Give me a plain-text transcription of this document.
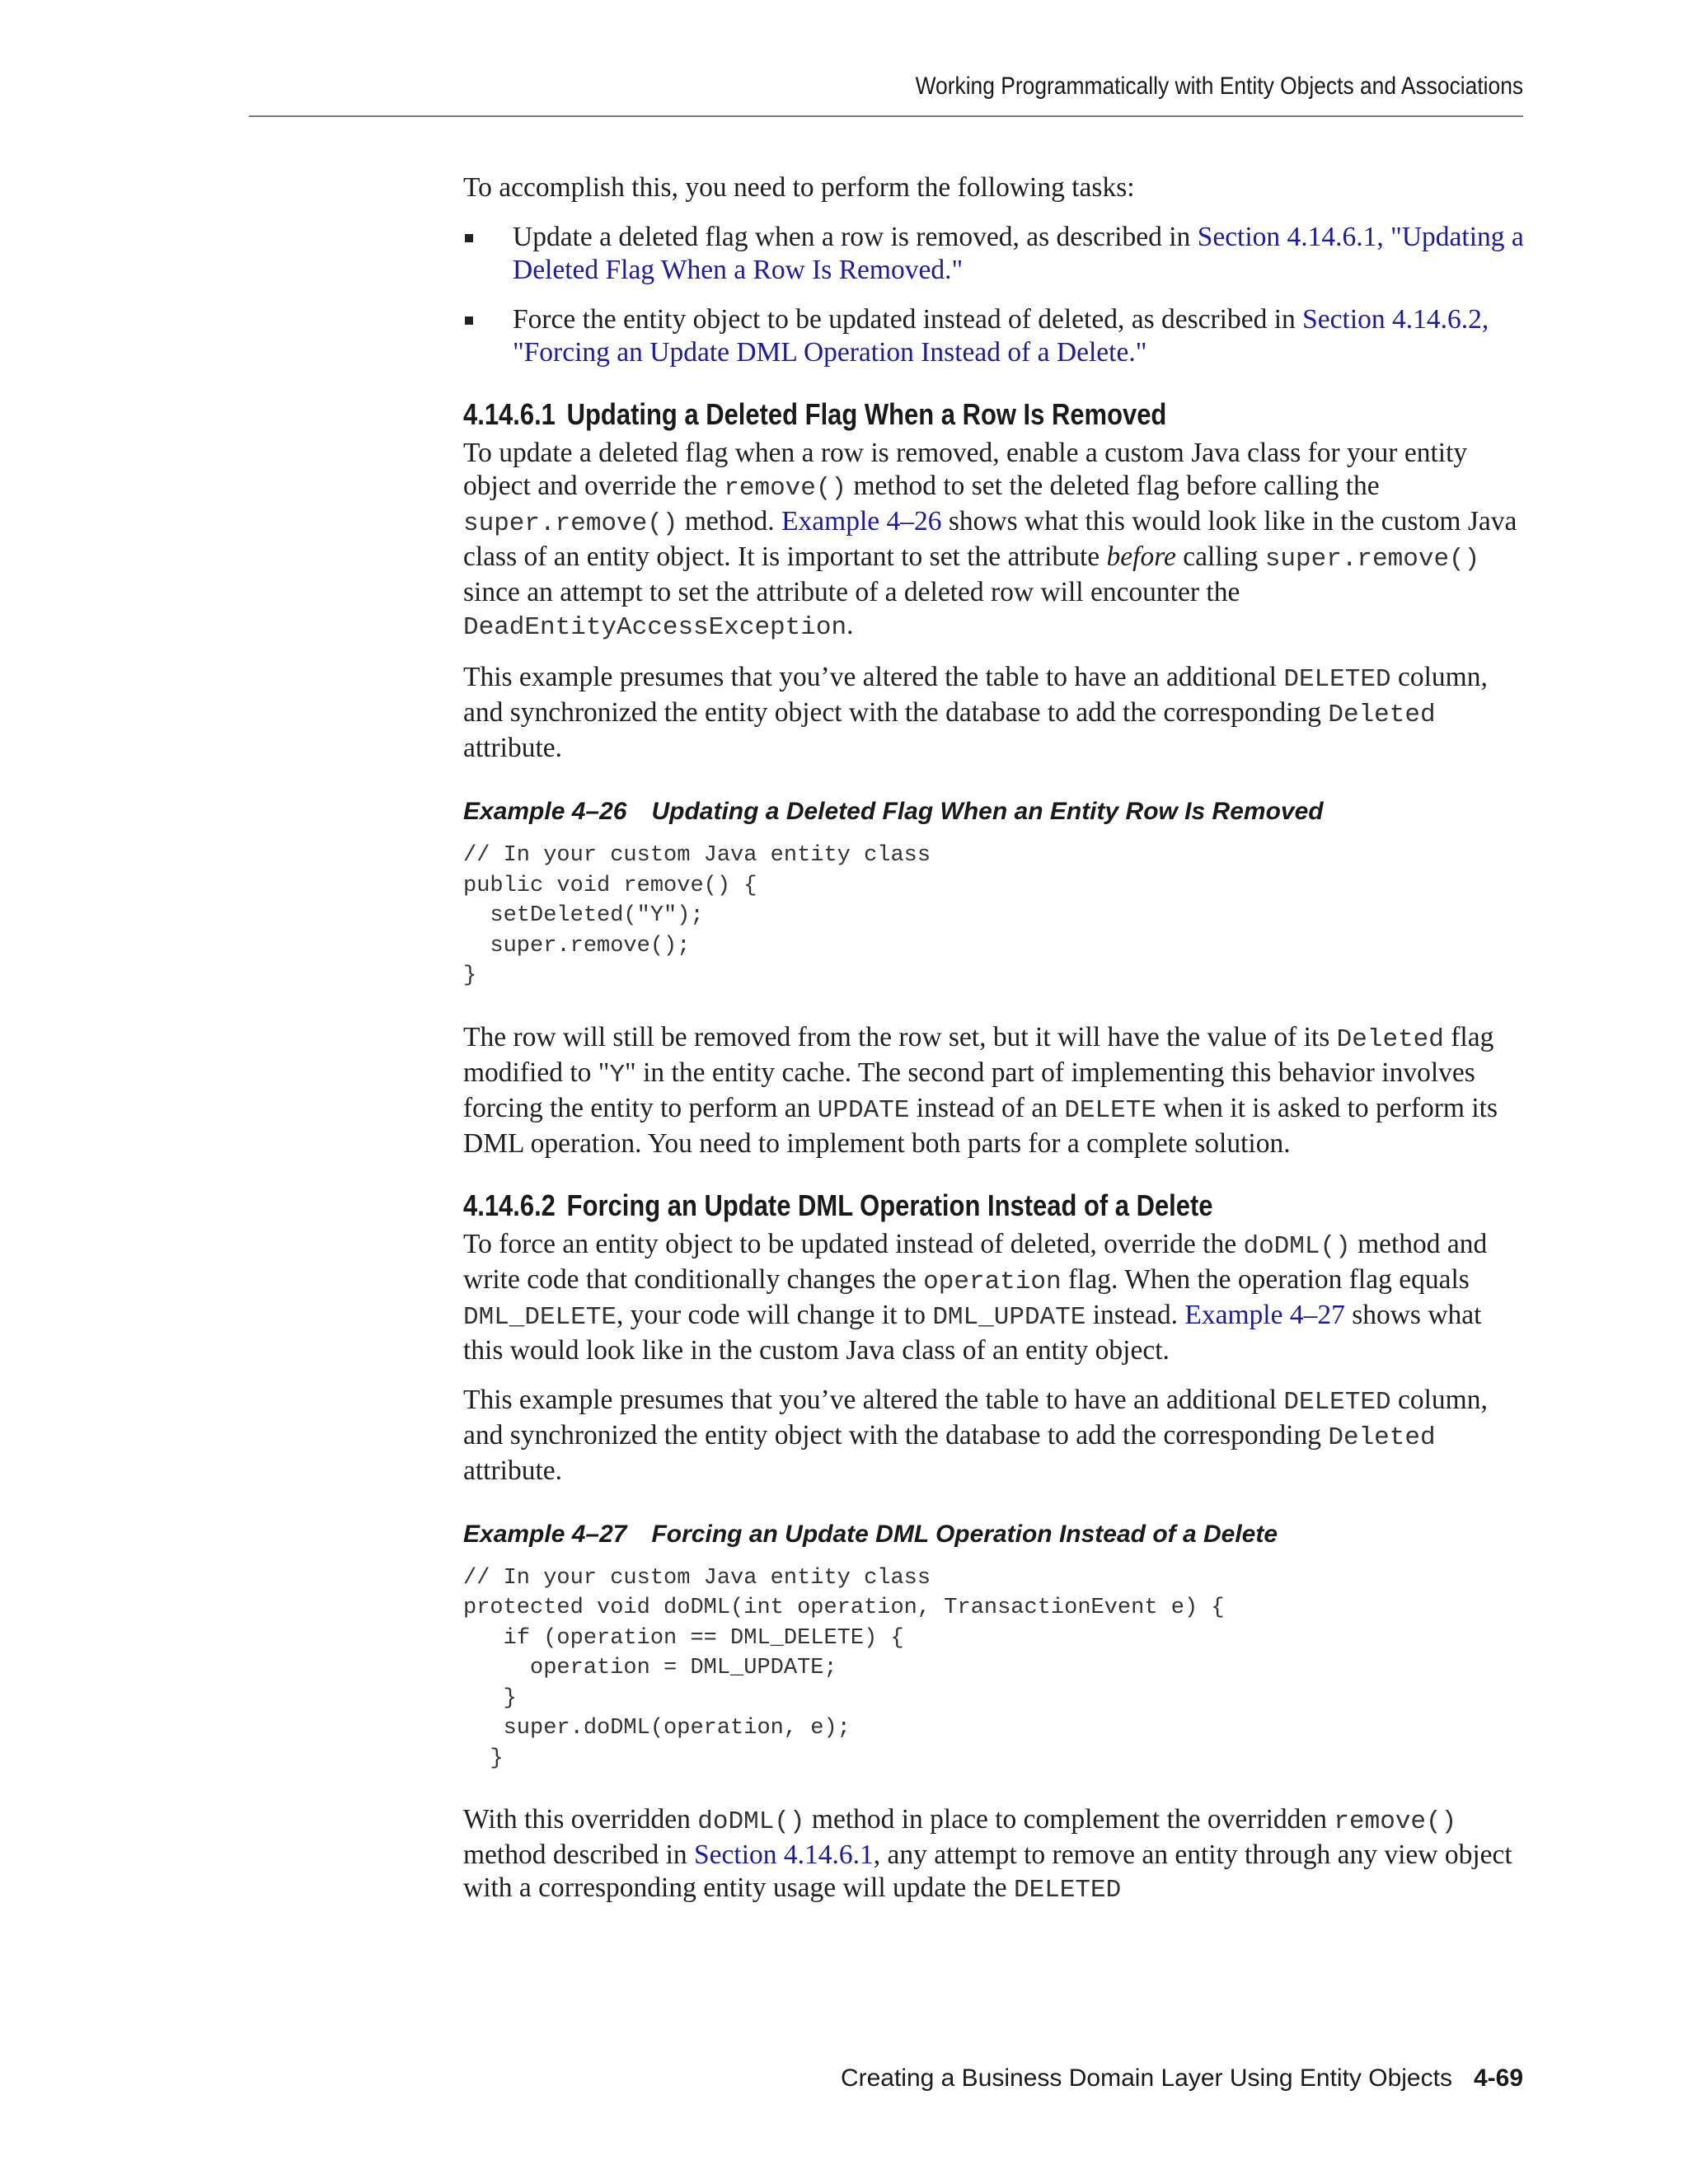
Working Programmatically with Entity Objects and Associations

To accomplish this, you need to perform the following tasks:

Update a deleted flag when a row is removed, as described in Section 4.14.6.1, "Updating a Deleted Flag When a Row Is Removed."
Force the entity object to be updated instead of deleted, as described in Section 4.14.6.2, "Forcing an Update DML Operation Instead of a Delete."
4.14.6.1 Updating a Deleted Flag When a Row Is Removed

To update a deleted flag when a row is removed, enable a custom Java class for your entity object and override the remove() method to set the deleted flag before calling the super.remove() method. Example 4–26 shows what this would look like in the custom Java class of an entity object. It is important to set the attribute before calling super.remove() since an attempt to set the attribute of a deleted row will encounter the DeadEntityAccessException.

This example presumes that you’ve altered the table to have an additional DELETED column, and synchronized the entity object with the database to add the corresponding Deleted attribute.

Example 4–26 Updating a Deleted Flag When an Entity Row Is Removed
// In your custom Java entity class
public void remove() {
setDeleted("Y");
super.remove();
}

The row will still be removed from the row set, but it will have the value of its Deleted flag modified to "Y" in the entity cache. The second part of implementing this behavior involves forcing the entity to perform an UPDATE instead of an DELETE when it is asked to perform its DML operation. You need to implement both parts for a complete solution.

4.14.6.2 Forcing an Update DML Operation Instead of a Delete

To force an entity object to be updated instead of deleted, override the doDML() method and write code that conditionally changes the operation flag. When the operation flag equals DML_DELETE, your code will change it to DML_UPDATE instead. Example 4–27 shows what this would look like in the custom Java class of an entity object.

This example presumes that you’ve altered the table to have an additional DELETED column, and synchronized the entity object with the database to add the corresponding Deleted attribute.

Example 4–27 Forcing an Update DML Operation Instead of a Delete
// In your custom Java entity class
protected void doDML(int operation, TransactionEvent e) {
if (operation == DML_DELETE) {
operation = DML_UPDATE;
}
super.doDML(operation, e);
}

With this overridden doDML() method in place to complement the overridden remove() method described in Section 4.14.6.1, any attempt to remove an entity through any view object with a corresponding entity usage will update the DELETED

Creating a Business Domain Layer Using Entity Objects 4-69
